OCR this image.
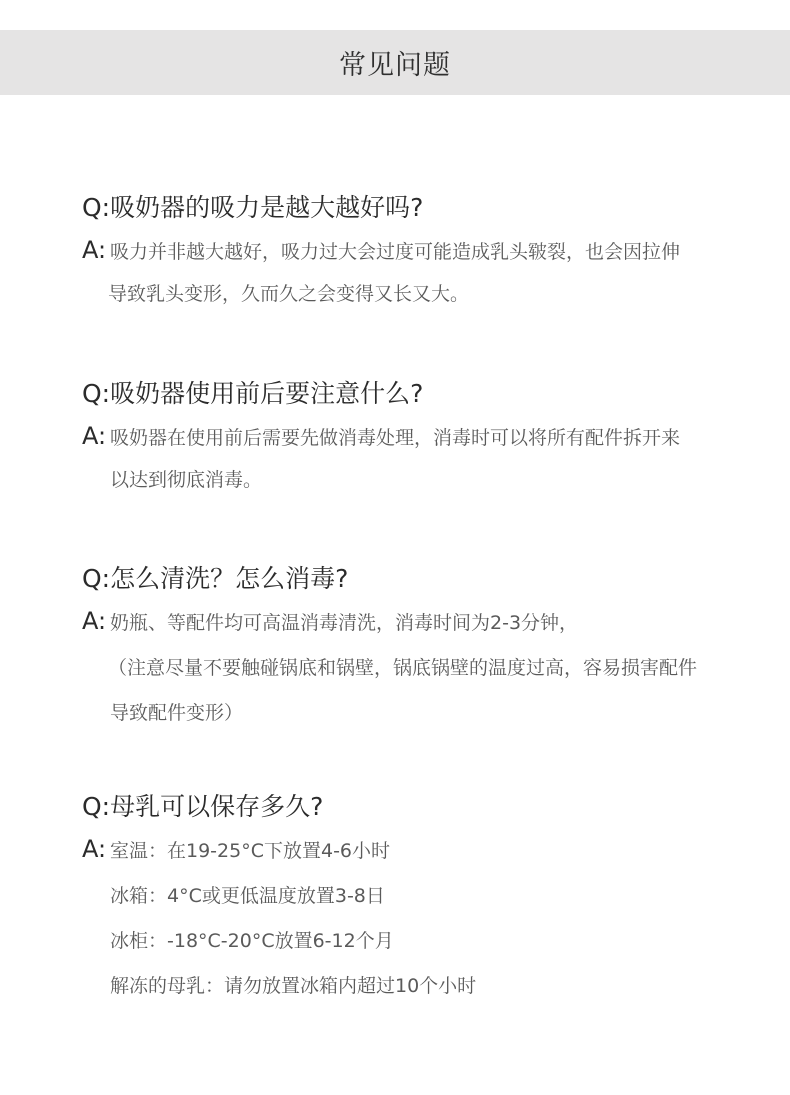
常见问题
Q:吸奶器的吸力是越大越好吗?
A: 吸力并非越大越好，吸力过大会过度可能造成乳头皲裂，也会因拉伸
导致乳头变形，久而久之会变得又长又大。
Q:吸奶器使用前后要注意什么?
A: 吸奶器在使用前后需要先做消毒处理，消毒时可以将所有配件拆开来
以达到彻底消毒。
Q:怎么清洗？怎么消毒?
A: 奶瓶、等配件均可高温消毒清洗，消毒时间为2-3分钟，
（注意尽量不要触碰锅底和锅壁，锅底锅壁的温度过高，容易损害配件
导致配件变形）
Q:母乳可以保存多久?
A: 室温：在19-25°C下放置4-6小时
冰箱：4°C或更低温度放置3-8日
冰柜：-18°C-20°C放置6-12个月
解冻的母乳：请勿放置冰箱内超过10个小时
